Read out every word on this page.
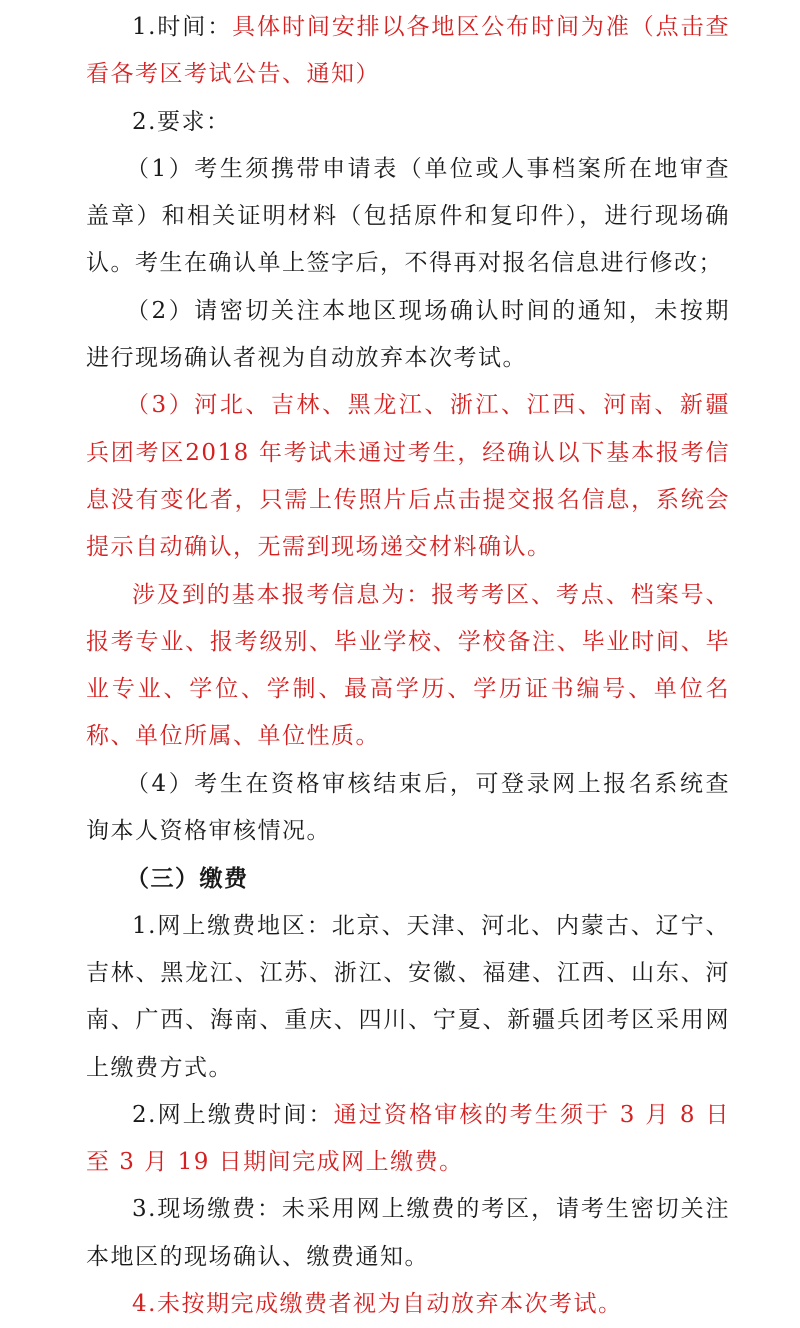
1.时间：具体时间安排以各地区公布时间为准（点击查看各考区考试公告、通知）

2.要求：

（1）考生须携带申请表（单位或人事档案所在地审查盖章）和相关证明材料（包括原件和复印件），进行现场确认。考生在确认单上签字后，不得再对报名信息进行修改；

（2）请密切关注本地区现场确认时间的通知，未按期进行现场确认者视为自动放弃本次考试。

（3）河北、吉林、黑龙江、浙江、江西、河南、新疆兵团考区2018 年考试未通过考生，经确认以下基本报考信息没有变化者，只需上传照片后点击提交报名信息，系统会提示自动确认，无需到现场递交材料确认。

涉及到的基本报考信息为：报考考区、考点、档案号、报考专业、报考级别、毕业学校、学校备注、毕业时间、毕业专业、学位、学制、最高学历、学历证书编号、单位名称、单位所属、单位性质。

（4）考生在资格审核结束后，可登录网上报名系统查询本人资格审核情况。

（三）缴费

1.网上缴费地区：北京、天津、河北、内蒙古、辽宁、吉林、黑龙江、江苏、浙江、安徽、福建、江西、山东、河南、广西、海南、重庆、四川、宁夏、新疆兵团考区采用网上缴费方式。

2.网上缴费时间：通过资格审核的考生须于 3 月 8 日至 3 月 19 日期间完成网上缴费。

3.现场缴费：未采用网上缴费的考区，请考生密切关注本地区的现场确认、缴费通知。

4.未按期完成缴费者视为自动放弃本次考试。
